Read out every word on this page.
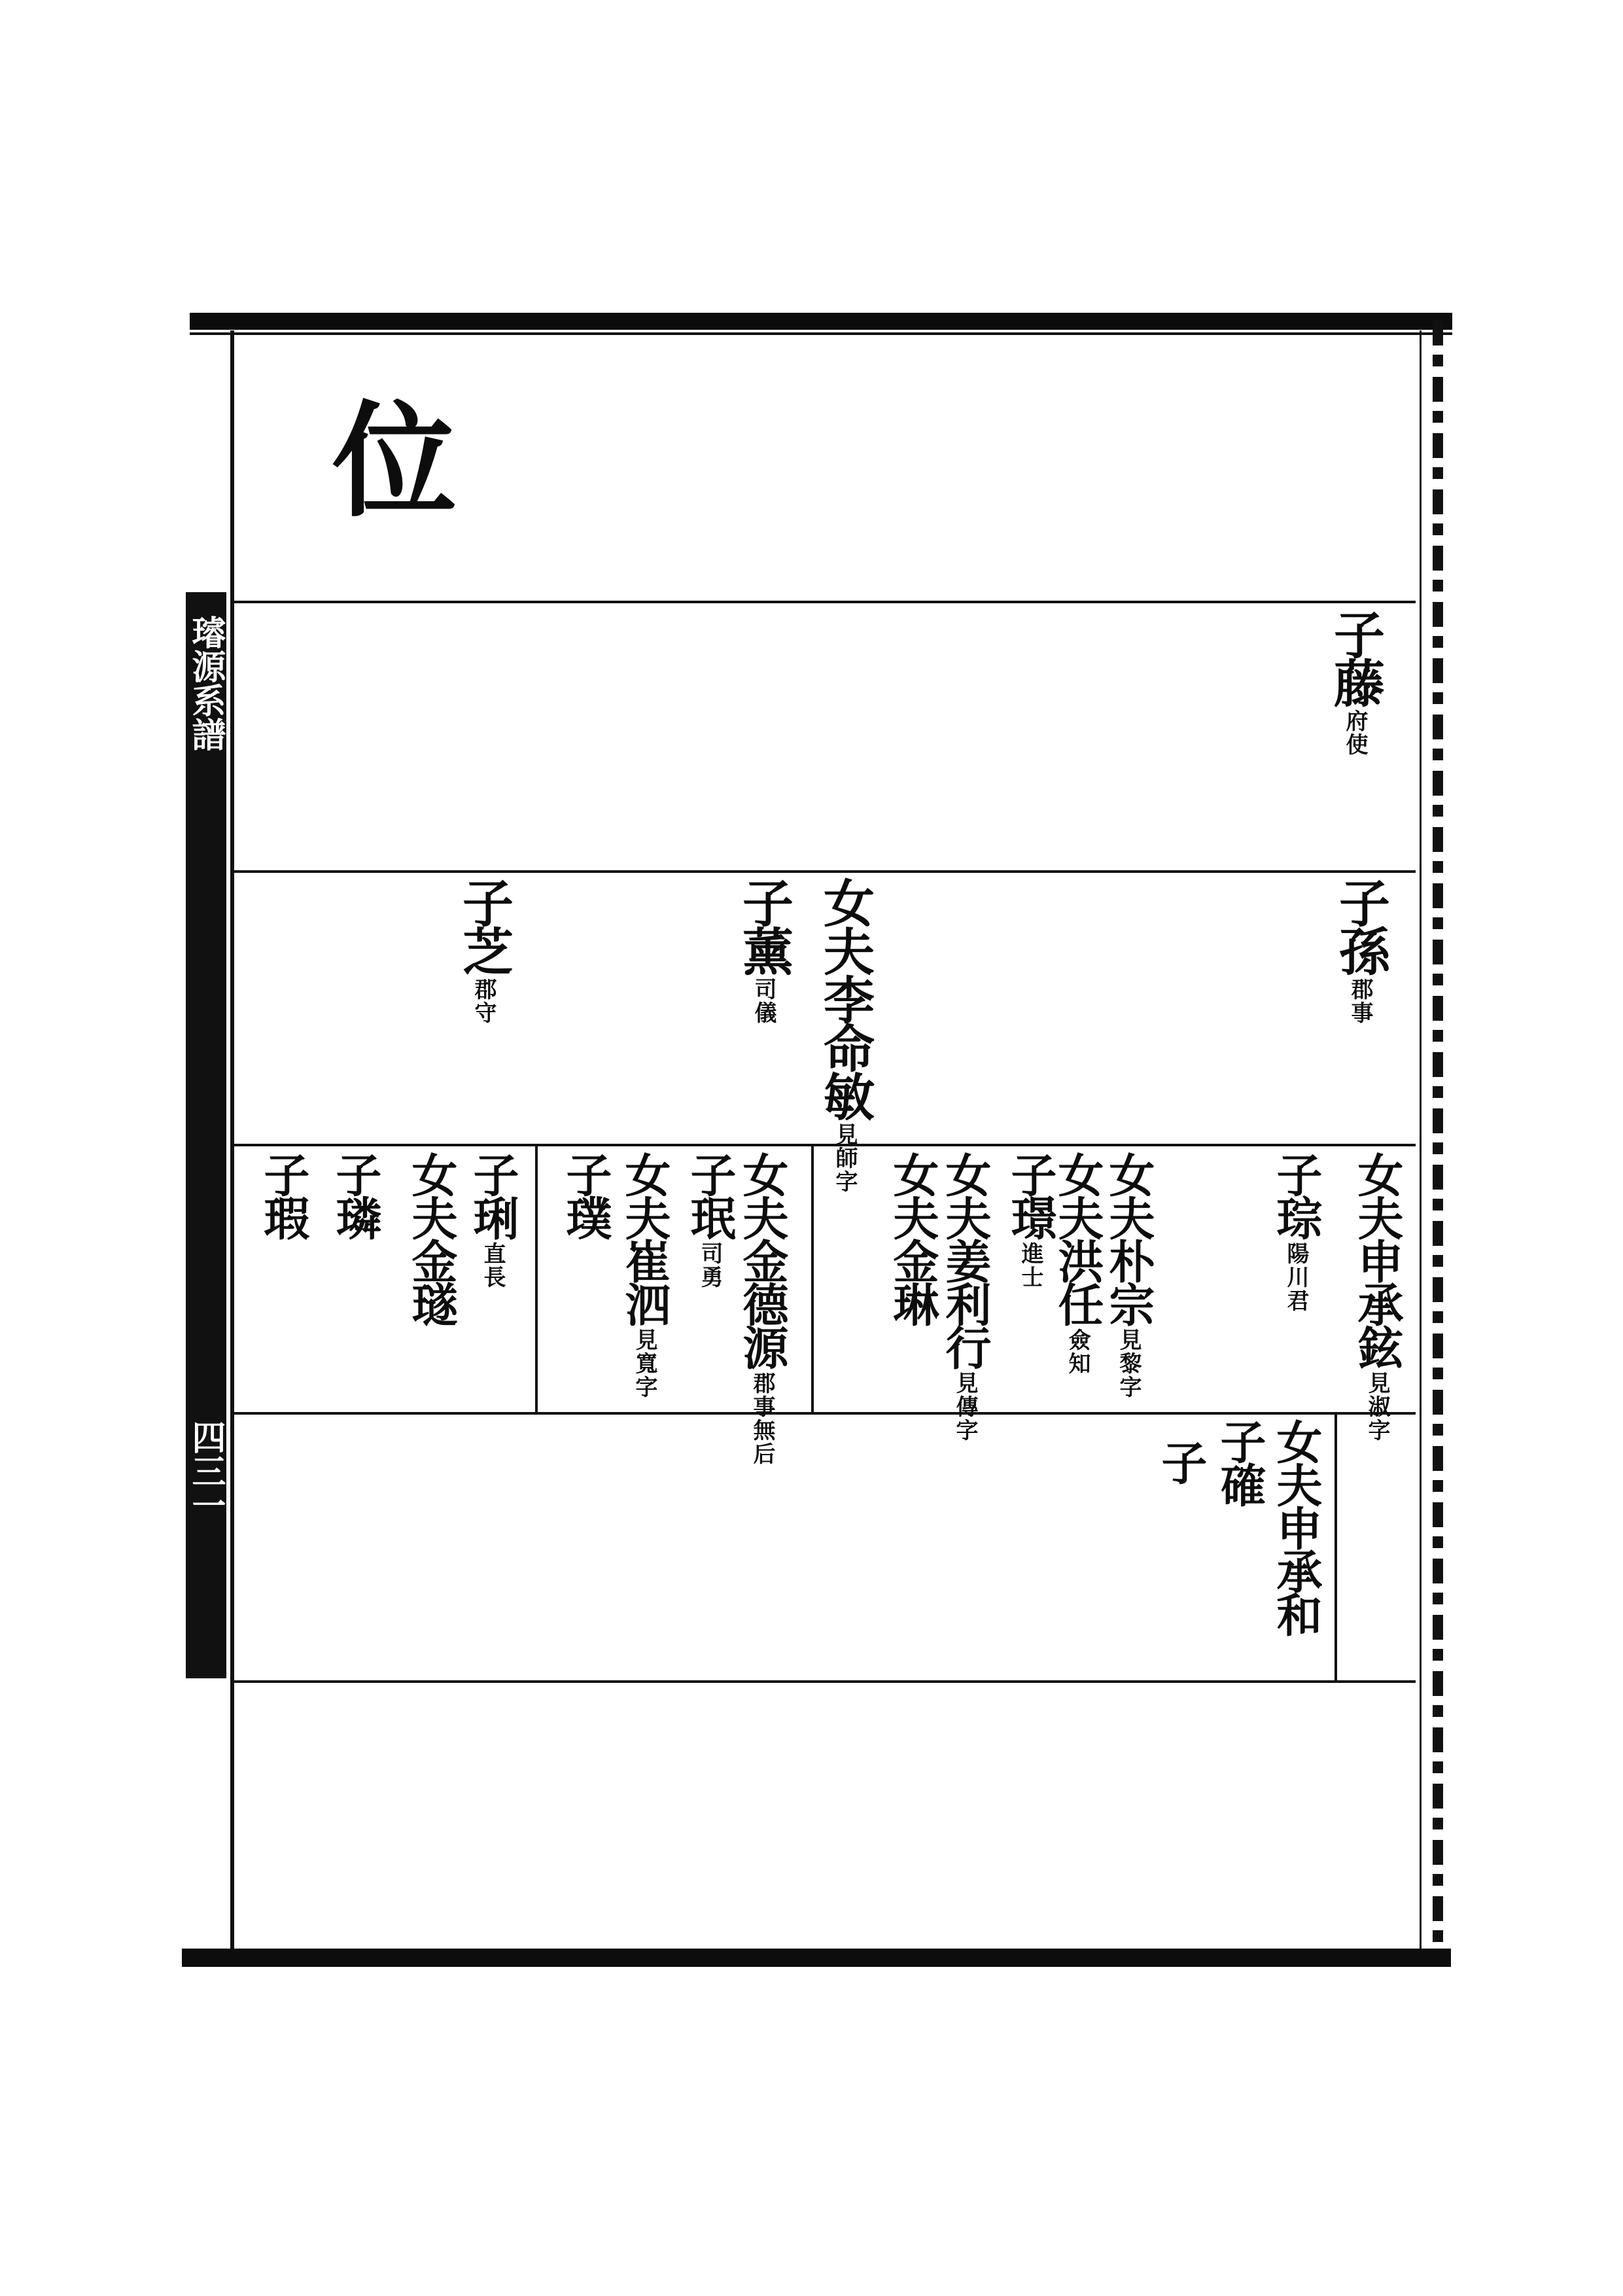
璿源系譜
四三一
位
子藤
府使
子孫
郡事
女夫李命敏
見師字
子薰
司儀
子芝
郡守
女夫申承鉉
見淑字
子琮
陽川君
女夫朴宗
見黎字
女夫洪任
僉知
子璟
進士
女夫姜利行
見傳字
女夫金琳
女夫金德源
郡事無后
子珉
司勇
女夫崔泗
見寬字
子璞
子琍
直長
女夫金璲
子璘
子瑕
女夫申承和
子確
子
